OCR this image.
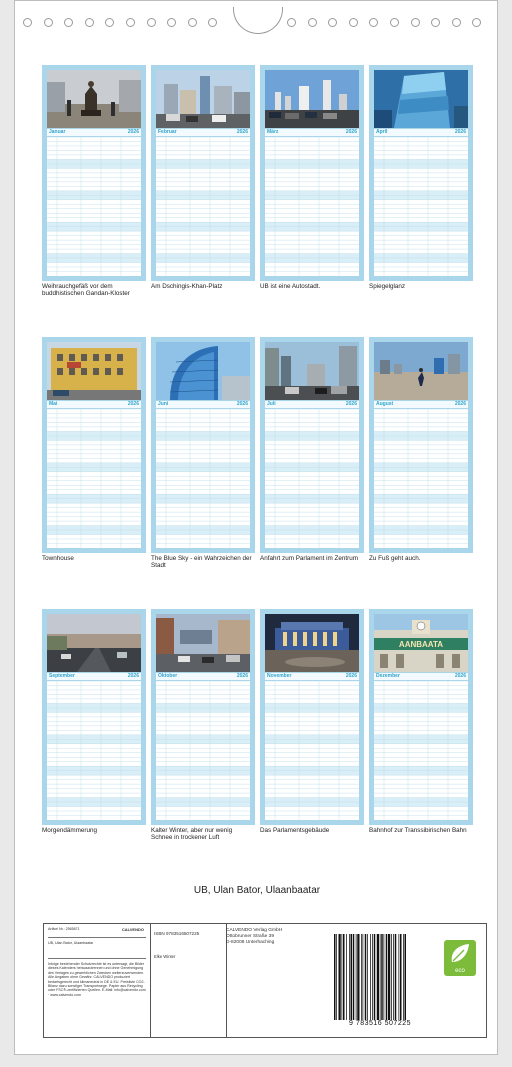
Januar	2026
Weihrauchgefäß vor dem buddhistischen Gandan-Kloster
Februar	2026
Am Dschingis-Khan-Platz
März	2026
UB ist eine Autostadt.
April	2026
Spiegelglanz
Mai	2026
Townhouse
Juni	2026
The Blue Sky - ein Wahrzeichen der Stadt
Juli	2026
Anfahrt zum Parlament im Zentrum
August	2026
Zu Fuß geht auch.
September	2026
Morgendämmerung
Oktober	2026
Kalter Winter, aber nur wenig Schnee in trockener Luft
November	2026
Das Parlamentsgebäude
AANBAATA
Dezember	2026
Bahnhof zur Transsibirischen Bahn
UB, Ulan Bator, Ulaanbaatar
Artikel Nr.: 2565871	CALVENDO
UB, Ulan Bator, Ulaanbaatar
Infolge bestehender Schutzrechte ist es untersagt, die Bilder dieses Kalenders herauszutrennen und ohne Genehmigung des Verlages zu gewerblichen Zwecken weiterzuverwenden. Alle Angaben ohne Gewähr. CALVENDO produziert bedarfsgerecht und klimaneutral in DE & EU. Preisliste CO2-Bilanz dazu sonstiger Transportwege. Papier aus Recycling oder FSC®-zertifizierten Quellen. E-Mail: info@calvendo.com · www.calvendo.com
ISBN 9783516507225
Elke Winter
CALVENDO Verlag GmbH
Ottobrunner Straße 39
D-82008 Unterhaching
9 783516 507225
eco
